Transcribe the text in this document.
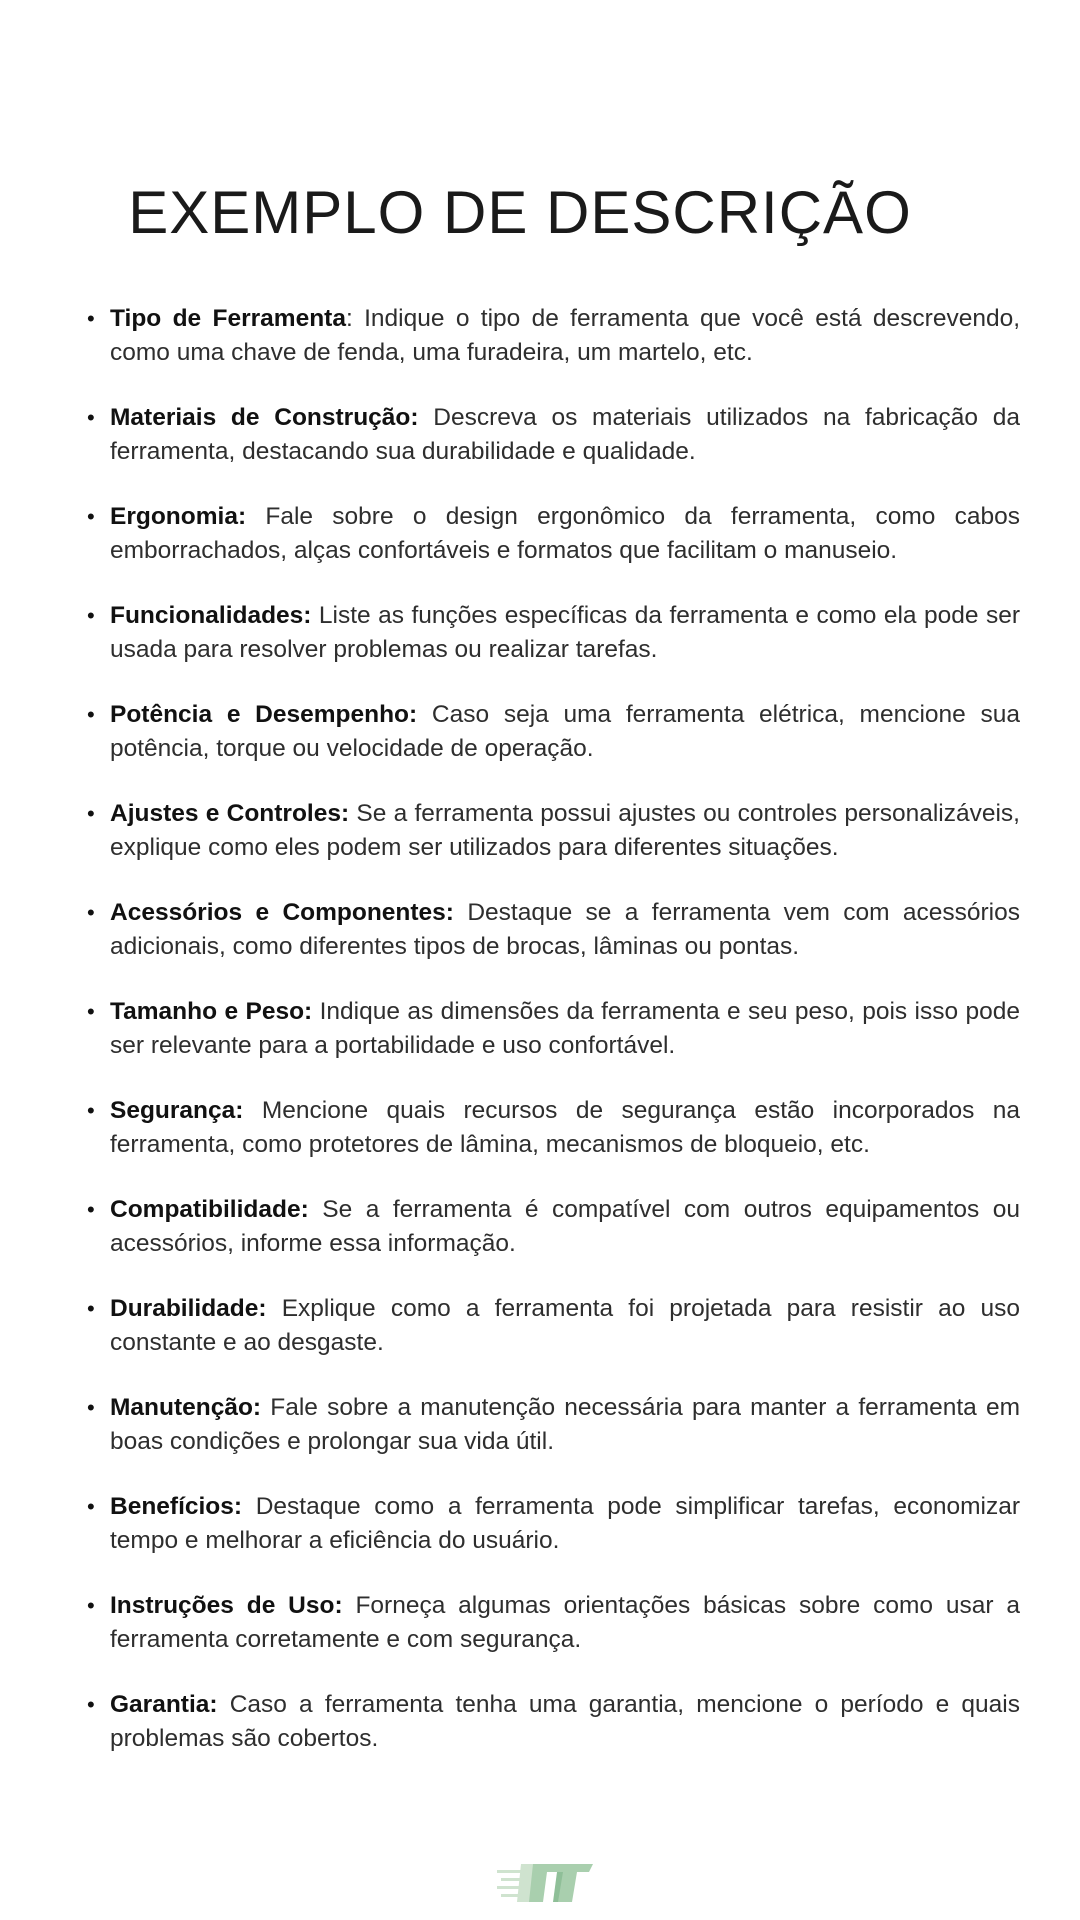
EXEMPLO DE DESCRIÇÃO
• Tipo de Ferramenta: Indique o tipo de ferramenta que você está descrevendo, como uma chave de fenda, uma furadeira, um martelo, etc.
• Materiais de Construção: Descreva os materiais utilizados na fabricação da ferramenta, destacando sua durabilidade e qualidade.
• Ergonomia: Fale sobre o design ergonômico da ferramenta, como cabos emborrachados, alças confortáveis e formatos que facilitam o manuseio.
• Funcionalidades: Liste as funções específicas da ferramenta e como ela pode ser usada para resolver problemas ou realizar tarefas.
• Potência e Desempenho: Caso seja uma ferramenta elétrica, mencione sua potência, torque ou velocidade de operação.
• Ajustes e Controles: Se a ferramenta possui ajustes ou controles personalizáveis, explique como eles podem ser utilizados para diferentes situações.
• Acessórios e Componentes: Destaque se a ferramenta vem com acessórios adicionais, como diferentes tipos de brocas, lâminas ou pontas.
• Tamanho e Peso: Indique as dimensões da ferramenta e seu peso, pois isso pode ser relevante para a portabilidade e uso confortável.
• Segurança: Mencione quais recursos de segurança estão incorporados na ferramenta, como protetores de lâmina, mecanismos de bloqueio, etc.
• Compatibilidade: Se a ferramenta é compatível com outros equipamentos ou acessórios, informe essa informação.
• Durabilidade: Explique como a ferramenta foi projetada para resistir ao uso constante e ao desgaste.
• Manutenção: Fale sobre a manutenção necessária para manter a ferramenta em boas condições e prolongar sua vida útil.
• Benefícios: Destaque como a ferramenta pode simplificar tarefas, economizar tempo e melhorar a eficiência do usuário.
• Instruções de Uso: Forneça algumas orientações básicas sobre como usar a ferramenta corretamente e com segurança.
• Garantia: Caso a ferramenta tenha uma garantia, mencione o período e quais problemas são cobertos.
